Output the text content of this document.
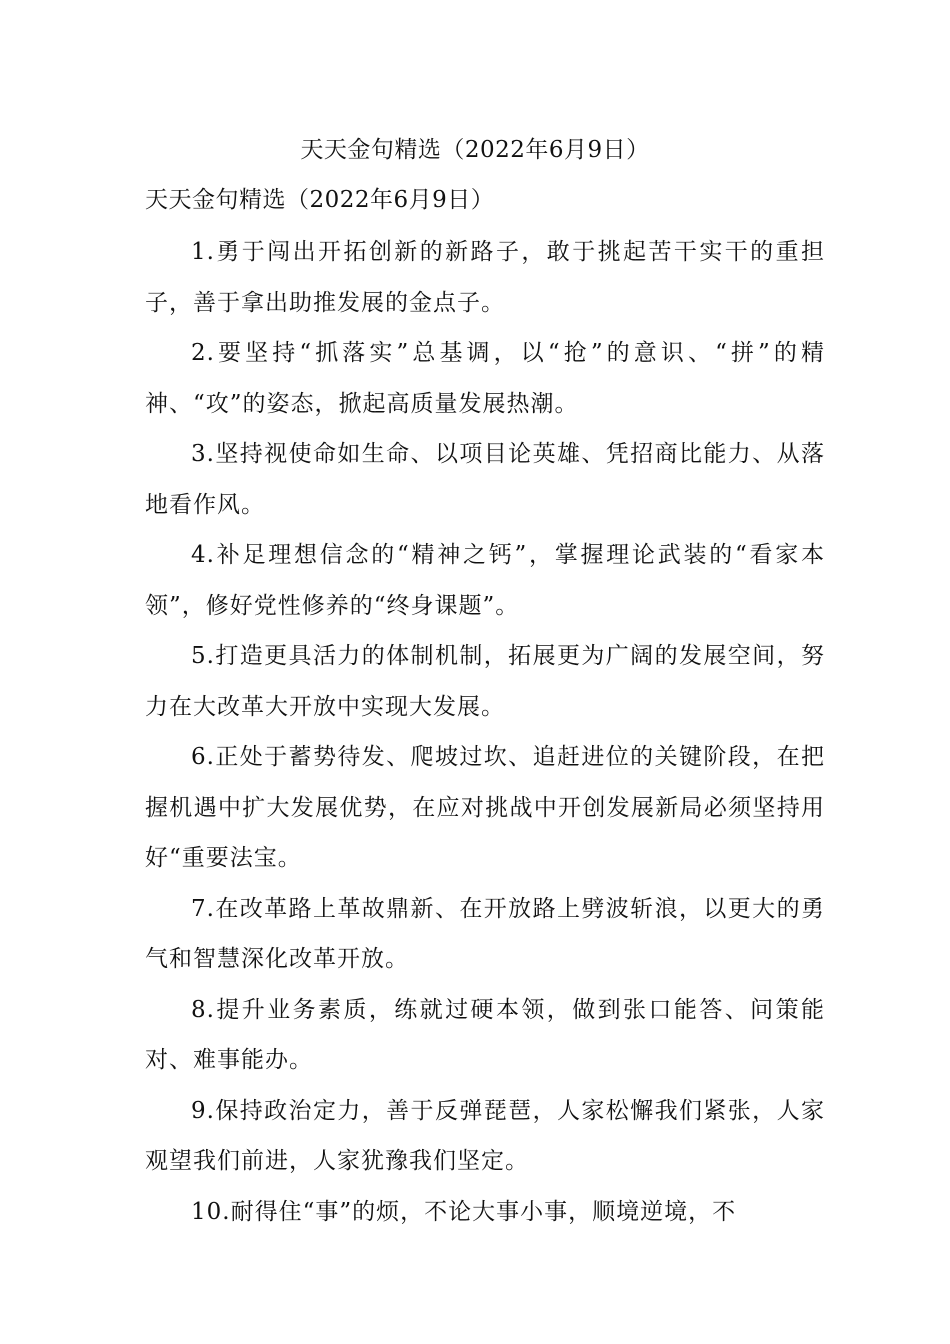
天天金句精选（2022年6月9日）
天天金句精选（2022年6月9日）

1.勇于闯出开拓创新的新路子，敢于挑起苦干实干的重担子，善于拿出助推发展的金点子。

2.要坚持“抓落实”总基调，以“抢”的意识、“拼”的精神、“攻”的姿态，掀起高质量发展热潮。

3.坚持视使命如生命、以项目论英雄、凭招商比能力、从落地看作风。

4.补足理想信念的“精神之钙”，掌握理论武装的“看家本领”，修好党性修养的“终身课题”。

5.打造更具活力的体制机制，拓展更为广阔的发展空间，努力在大改革大开放中实现大发展。

6.正处于蓄势待发、爬坡过坎、追赶进位的关键阶段，在把握机遇中扩大发展优势，在应对挑战中开创发展新局必须坚持用好“重要法宝。

7.在改革路上革故鼎新、在开放路上劈波斩浪，以更大的勇气和智慧深化改革开放。

8.提升业务素质，练就过硬本领，做到张口能答、问策能对、难事能办。

9.保持政治定力，善于反弹琵琶，人家松懈我们紧张，人家观望我们前进，人家犹豫我们坚定。

10.耐得住“事”的烦，不论大事小事，顺境逆境，不
